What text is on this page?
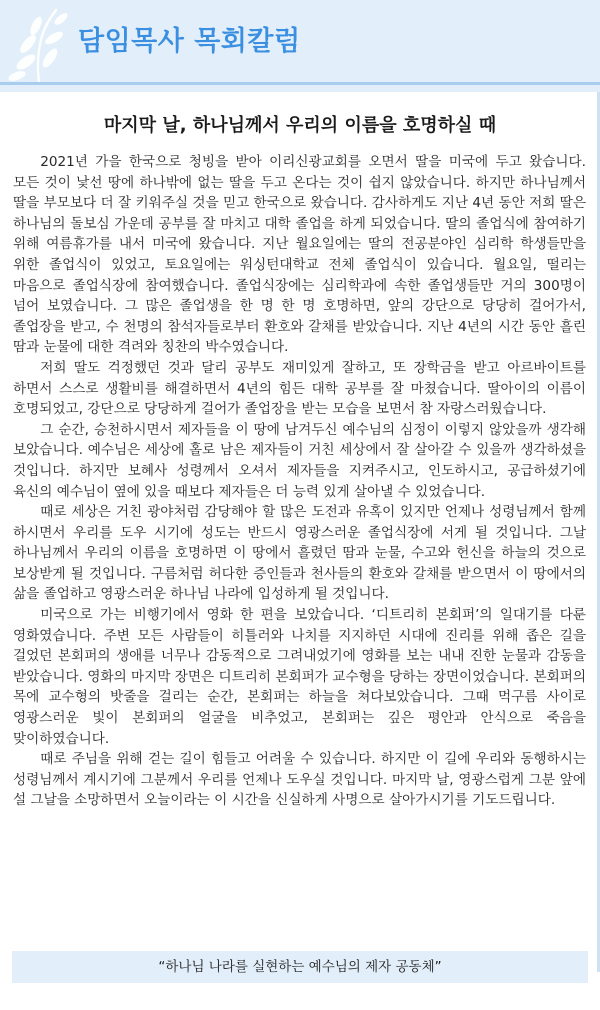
담임목사 목회칼럼
마지막 날, 하나님께서 우리의 이름을 호명하실 때

2021년 가을 한국으로 청빙을 받아 이리신광교회를 오면서 딸을 미국에 두고 왔습니다. 모든 것이 낯선 땅에 하나밖에 없는 딸을 두고 온다는 것이 쉽지 않았습니다. 하지만 하나님께서 딸을 부모보다 더 잘 키워주실 것을 믿고 한국으로 왔습니다. 감사하게도 지난 4년 동안 저희 딸은 하나님의 돌보심 가운데 공부를 잘 마치고 대학 졸업을 하게 되었습니다. 딸의 졸업식에 참여하기 위해 여름휴가를 내서 미국에 왔습니다. 지난 월요일에는 딸의 전공분야인 심리학 학생들만을 위한 졸업식이 있었고, 토요일에는 워싱턴대학교 전체 졸업식이 있습니다. 월요일, 떨리는 마음으로 졸업식장에 참여했습니다. 졸업식장에는 심리학과에 속한 졸업생들만 거의 300명이 넘어 보였습니다. 그 많은 졸업생을 한 명 한 명 호명하면, 앞의 강단으로 당당히 걸어가서, 졸업장을 받고, 수 천명의 참석자들로부터 환호와 갈채를 받았습니다. 지난 4년의 시간 동안 흘린 땀과 눈물에 대한 격려와 칭찬의 박수였습니다.

저희 딸도 걱정했던 것과 달리 공부도 재미있게 잘하고, 또 장학금을 받고 아르바이트를 하면서 스스로 생활비를 해결하면서 4년의 힘든 대학 공부를 잘 마쳤습니다. 딸아이의 이름이 호명되었고, 강단으로 당당하게 걸어가 졸업장을 받는 모습을 보면서 참 자랑스러웠습니다.

그 순간, 승천하시면서 제자들을 이 땅에 남겨두신 예수님의 심정이 이렇지 않았을까 생각해 보았습니다. 예수님은 세상에 홀로 남은 제자들이 거친 세상에서 잘 살아갈 수 있을까 생각하셨을 것입니다. 하지만 보혜사 성령께서 오셔서 제자들을 지켜주시고, 인도하시고, 공급하셨기에 육신의 예수님이 옆에 있을 때보다 제자들은 더 능력 있게 살아낼 수 있었습니다.

때로 세상은 거친 광야처럼 감당해야 할 많은 도전과 유혹이 있지만 언제나 성령님께서 함께 하시면서 우리를 도우 시기에 성도는 반드시 영광스러운 졸업식장에 서게 될 것입니다. 그날 하나님께서 우리의 이름을 호명하면 이 땅에서 흘렸던 땀과 눈물, 수고와 헌신을 하늘의 것으로 보상받게 될 것입니다. 구름처럼 허다한 증인들과 천사들의 환호와 갈채를 받으면서 이 땅에서의 삶을 졸업하고 영광스러운 하나님 나라에 입성하게 될 것입니다.

미국으로 가는 비행기에서 영화 한 편을 보았습니다. ‘디트리히 본회퍼’의 일대기를 다룬 영화였습니다. 주변 모든 사람들이 히틀러와 나치를 지지하던 시대에 진리를 위해 좁은 길을 걸었던 본회퍼의 생애를 너무나 감동적으로 그려내었기에 영화를 보는 내내 진한 눈물과 감동을 받았습니다. 영화의 마지막 장면은 디트리히 본회퍼가 교수형을 당하는 장면이었습니다. 본회퍼의 목에 교수형의 밧줄을 걸리는 순간, 본회퍼는 하늘을 쳐다보았습니다. 그때 먹구름 사이로 영광스러운 빛이 본회퍼의 얼굴을 비추었고, 본회퍼는 깊은 평안과 안식으로 죽음을 맞이하였습니다.

때로 주님을 위해 걷는 길이 힘들고 어려울 수 있습니다. 하지만 이 길에 우리와 동행하시는 성령님께서 계시기에 그분께서 우리를 언제나 도우실 것입니다. 마지막 날, 영광스럽게 그분 앞에 설 그날을 소망하면서 오늘이라는 이 시간을 신실하게 사명으로 살아가시기를 기도드립니다.

“하나님 나라를 실현하는 예수님의 제자 공동체”
